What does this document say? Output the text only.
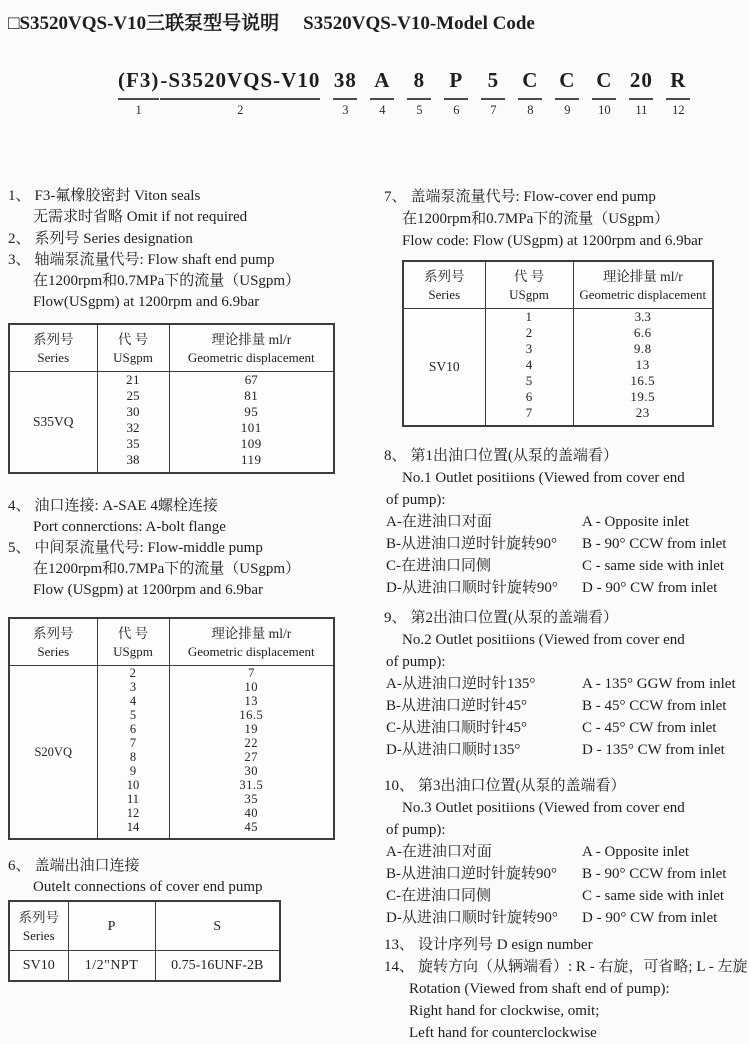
□S3520VQS-V10三联泵型号说明 S3520VQS-V10-Model Code
(F3)
1
-S3520VQS-V10
2
38
3
A
4
8
5
P
6
5
7
C
8
C
9
C
10
20
11
R
12
1、 F3-氟橡胶密封 Viton seals
无需求时省略 Omit if not required
2、 系列号 Series designation
3、 轴端泵流量代号: Flow shaft end pump
在1200rpm和0.7MPa下的流量（USgpm）
Flow(USgpm) at 1200rpm and 6.9bar
系列号
Series

代 号
USgpm

理论排量 ml/r
Geometric displacement

S35VQ	21	67
	25	81
	30	95
	32	101
	35	109
	38	119
4、 油口连接: A-SAE 4螺栓连接
Port connerctions: A-bolt flange
5、 中间泵流量代号: Flow-middle pump
在1200rpm和0.7MPa下的流量（USgpm）
Flow (USgpm) at 1200rpm and 6.9bar
系列号
Series

代 号
USgpm

理论排量 ml/r
Geometric displacement

S20VQ	2	7
	3	10
	4	13
	5	16.5
	6	19
	7	22
	8	27
	9	30
	10	31.5
	11	35
	12	40
	14	45
6、 盖端出油口连接
Outelt connections of cover end pump
系列号
Series	P	S
SV10	1/2"NPT	0.75-16UNF-2B
7、 盖端泵流量代号: Flow-cover end pump
在1200rpm和0.7MPa下的流量（USgpm）
Flow code: Flow (USgpm) at 1200rpm and 6.9bar
系列号
Series

代 号
USgpm

理论排量 ml/r
Geometric displacement

SV10	1	3.3
	2	6.6
	3	9.8
	4	13
	5	16.5
	6	19.5
	7	23
8、 第1出油口位置(从泵的盖端看）
No.1 Outlet positiions (Viewed from cover end
of pump):
A-在进油口对面	A - Opposite inlet
B-从进油口逆时针旋转90°	B - 90° CCW from inlet
C-在进油口同侧	C - same side with inlet
D-从进油口顺时针旋转90°	D - 90° CW from inlet
9、 第2出油口位置(从泵的盖端看）
No.2 Outlet positiions (Viewed from cover end
of pump):
A-从进油口逆时针135°	A - 135° GGW from inlet
B-从进油口逆时针45°	B - 45° CCW from inlet
C-从进油口顺时针45°	C - 45° CW from inlet
D-从进油口顺时135°	D - 135° CW from inlet
10、 第3出油口位置(从泵的盖端看）
No.3 Outlet positiions (Viewed from cover end
of pump):
A-在进油口对面	A - Opposite inlet
B-从进油口逆时针旋转90°	B - 90° CCW from inlet
C-在进油口同侧	C - same side with inlet
D-从进油口顺时针旋转90°	D - 90° CW from inlet
13、 设计序列号 D esign number
14、 旋转方向（从辆端看）: R - 右旋，可省略; L - 左旋
Rotation (Viewed from shaft end of pump):
Right hand for clockwise, omit;
Left hand for counterclockwise
